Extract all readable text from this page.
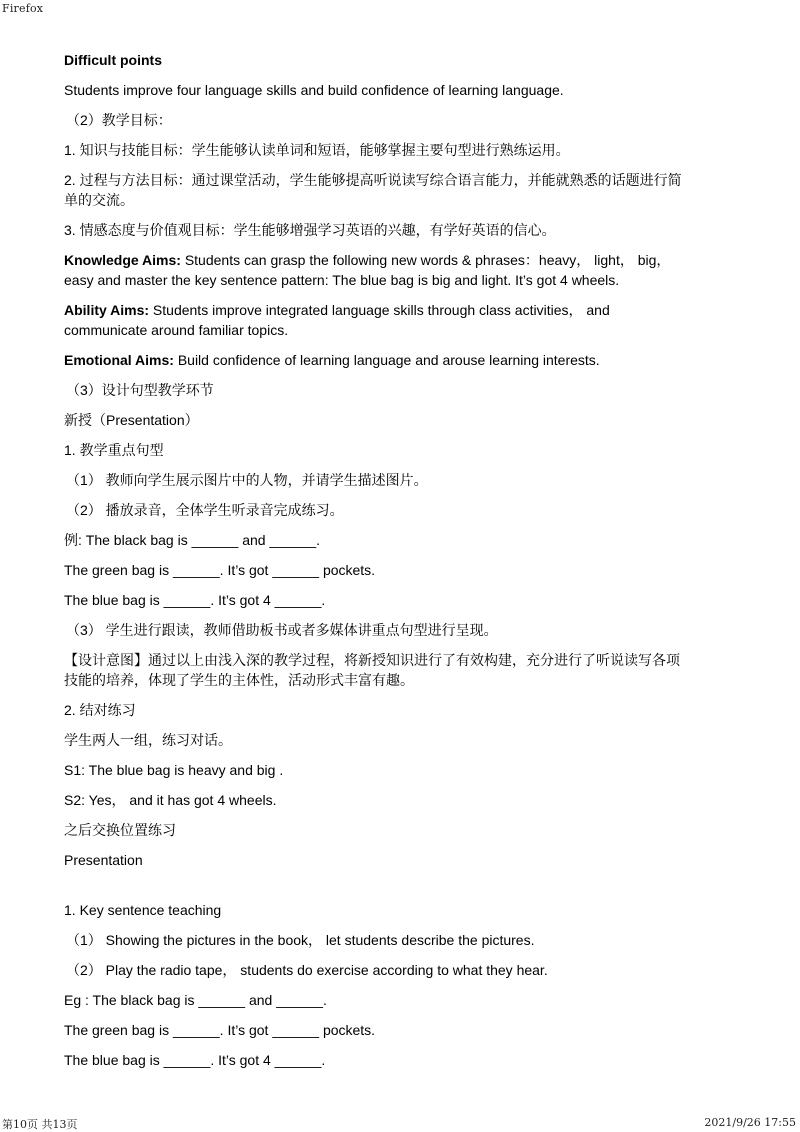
Firefox

Difficult points

Students improve four language skills and build confidence of learning language.

（2）教学目标：

1. 知识与技能目标：学生能够认读单词和短语，能够掌握主要句型进行熟练运用。

2. 过程与方法目标：通过课堂活动，学生能够提高听说读写综合语言能力，并能就熟悉的话题进行简单的交流。

3. 情感态度与价值观目标：学生能够增强学习英语的兴趣，有学好英语的信心。

Knowledge Aims: Students can grasp the following new words & phrases：heavy， light， big， easy and master the key sentence pattern: The blue bag is big and light. It’s got 4 wheels.

Ability Aims: Students improve integrated language skills through class activities， and communicate around familiar topics.

Emotional Aims: Build confidence of learning language and arouse learning interests.

（3）设计句型教学环节

新授（Presentation）

1. 教学重点句型

（1） 教师向学生展示图片中的人物，并请学生描述图片。

（2） 播放录音，全体学生听录音完成练习。

例: The black bag is ______ and ______.

The green bag is ______. It’s got ______ pockets.

The blue bag is ______. It’s got 4 ______.

（3） 学生进行跟读，教师借助板书或者多媒体讲重点句型进行呈现。

【设计意图】通过以上由浅入深的教学过程，将新授知识进行了有效构建，充分进行了听说读写各项技能的培养，体现了学生的主体性，活动形式丰富有趣。

2. 结对练习

学生两人一组，练习对话。

S1: The blue bag is heavy and big .

S2: Yes， and it has got 4 wheels.

之后交换位置练习

Presentation

1. Key sentence teaching

（1） Showing the pictures in the book， let students describe the pictures.

（2） Play the radio tape， students do exercise according to what they hear.

Eg : The black bag is ______ and ______.

The green bag is ______. It’s got ______ pockets.

The blue bag is ______. It’s got 4 ______.

第10页 共13页	2021/9/26 17:55
